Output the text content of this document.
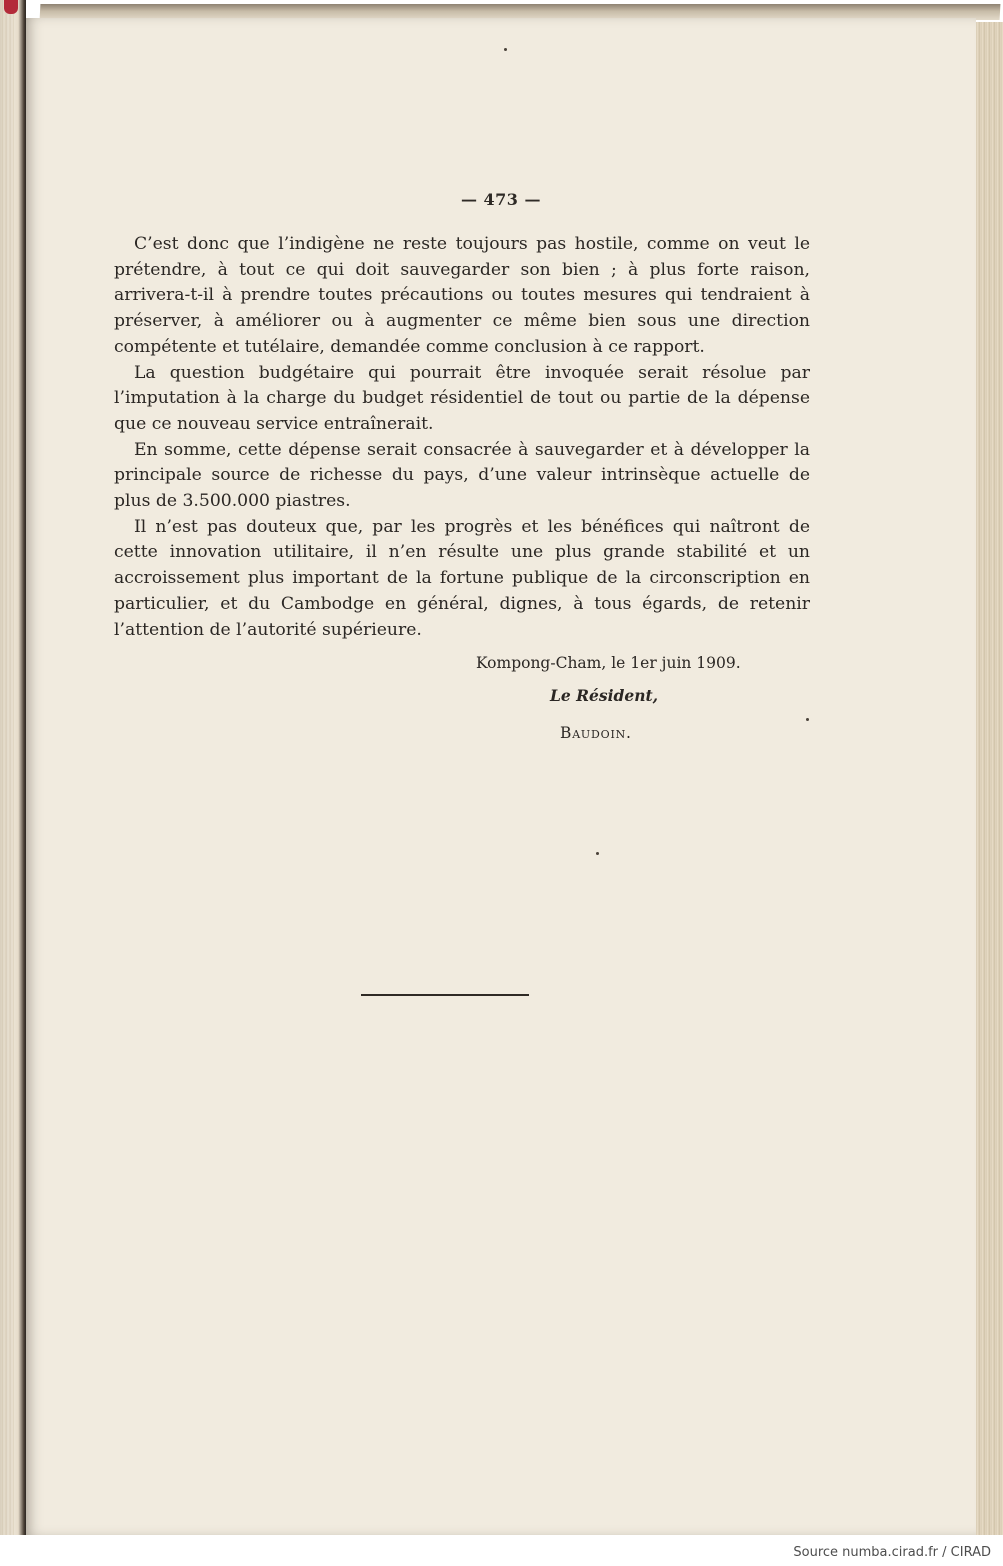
— 473 —

C’est donc que l’indigène ne reste toujours pas hostile, comme on veut le prétendre, à tout ce qui doit sauvegarder son bien ; à plus forte raison, arrivera-t-il à prendre toutes précautions ou toutes mesures qui tendraient à préserver, à améliorer ou à augmenter ce même bien sous une direction compétente et tutélaire, demandée comme conclusion à ce rapport.

La question budgétaire qui pourrait être invoquée serait résolue par l’imputation à la charge du budget résidentiel de tout ou partie de la dépense que ce nouveau service entraînerait.

En somme, cette dépense serait consacrée à sauvegarder et à développer la principale source de richesse du pays, d’une valeur intrinsèque actuelle de plus de 3.500.000 piastres.

Il n’est pas douteux que, par les progrès et les bénéfices qui naîtront de cette innovation utilitaire, il n’en résulte une plus grande stabilité et un accroissement plus important de la fortune publique de la circonscription en particulier, et du Cambodge en général, dignes, à tous égards, de retenir l’attention de l’autorité supérieure.

Kompong-Cham, le 1er juin 1909.
Le Résident,
Baudoin.
Source numba.cirad.fr / CIRAD
